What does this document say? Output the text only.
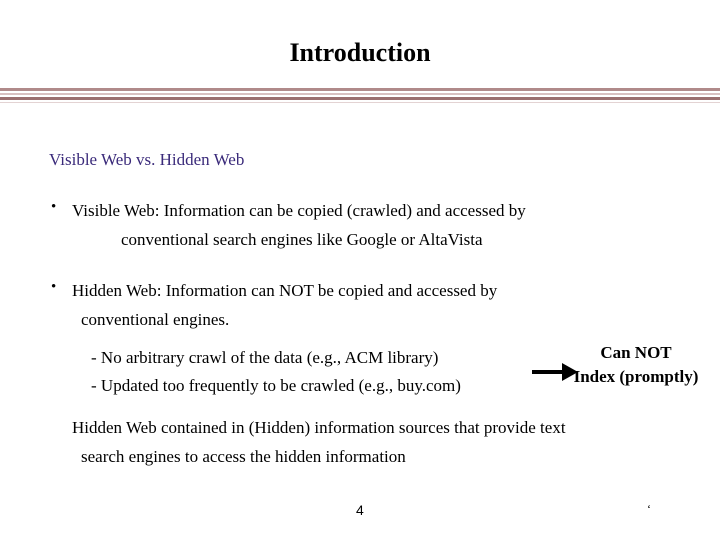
Introduction
Visible Web vs. Hidden Web
• Visible Web: Information can be copied (crawled) and accessed by
conventional search engines like Google or AltaVista
• Hidden Web: Information can NOT be copied and accessed by
conventional engines.
- No arbitrary crawl of the data (e.g., ACM library)
- Updated too frequently to be crawled (e.g., buy.com)
Can NOT
Index (promptly)
Hidden Web contained in (Hidden) information sources that provide text
search engines to access the hidden information
4	‘
